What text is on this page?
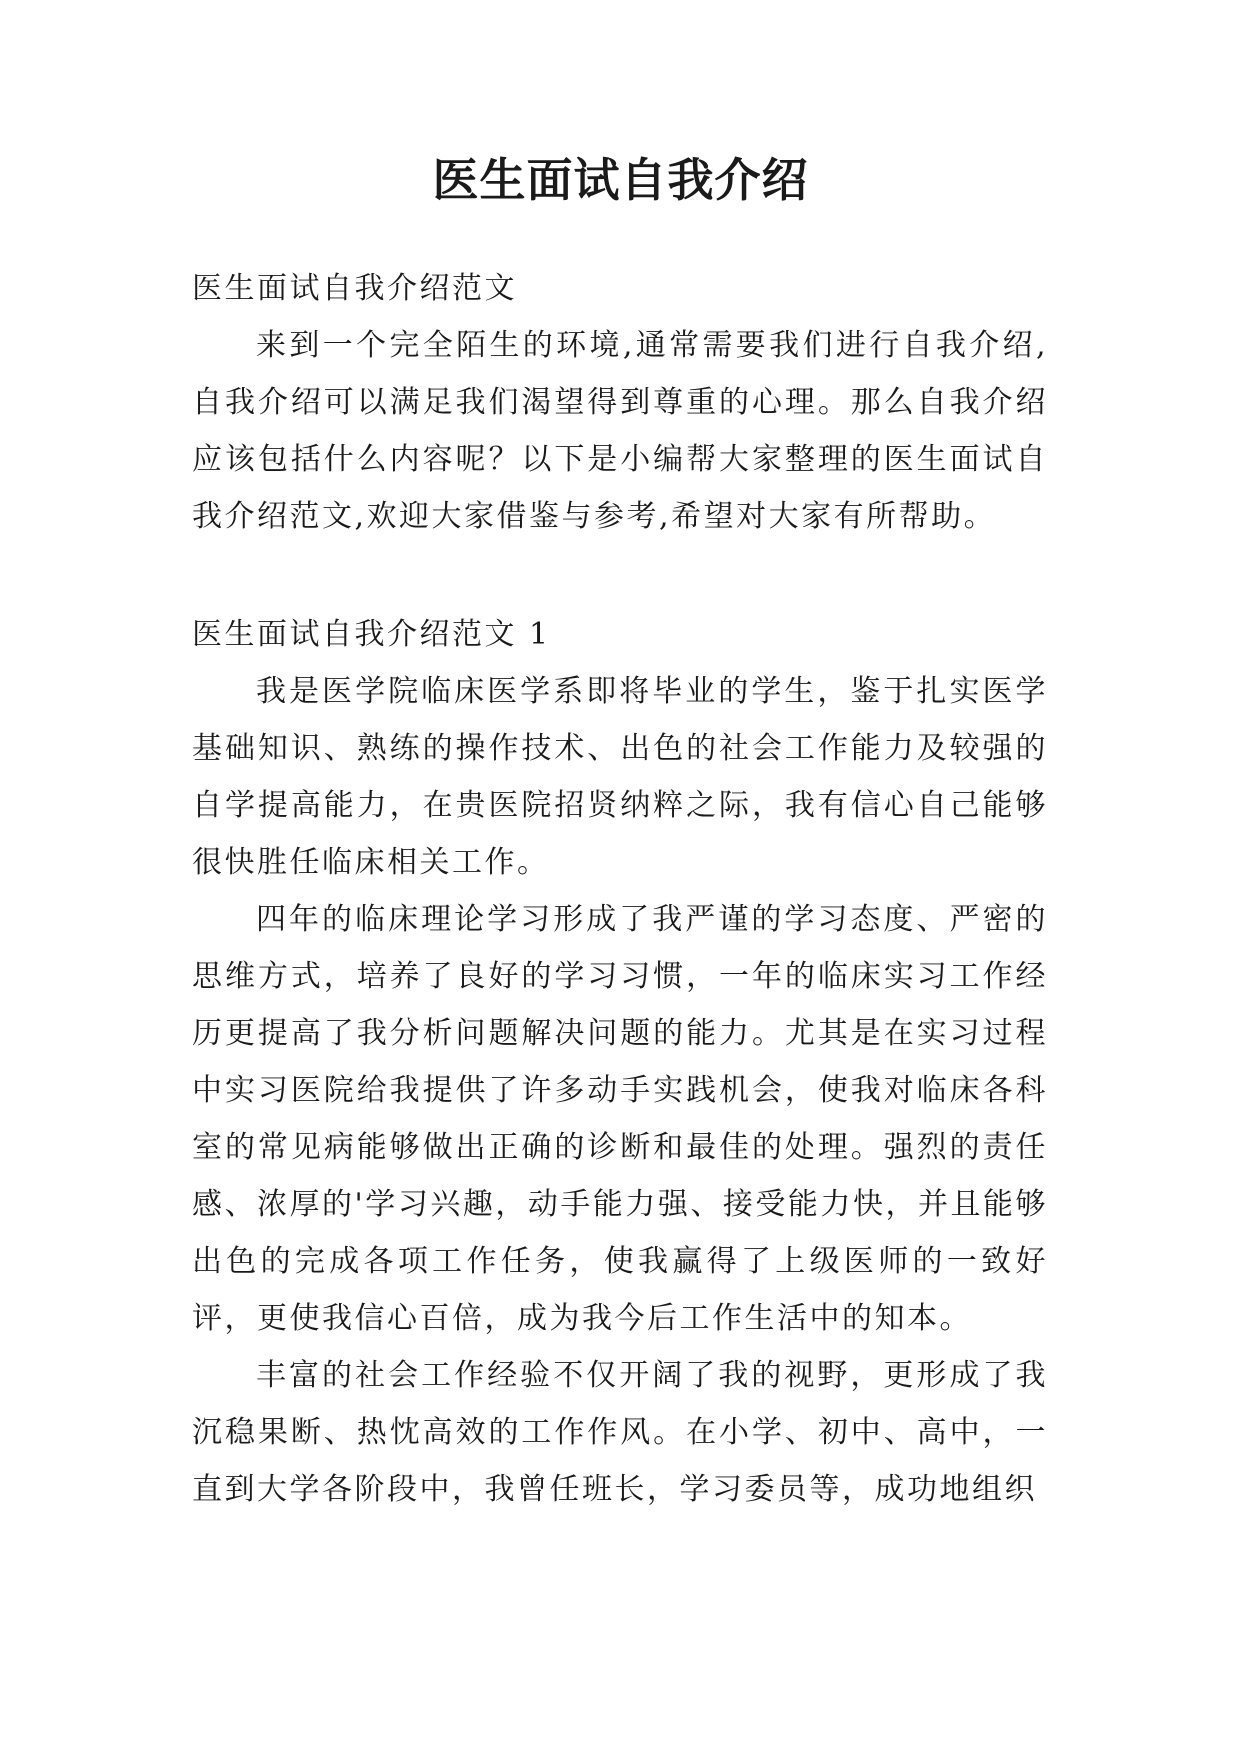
医生面试自我介绍

医生面试自我介绍范文

来到一个完全陌生的环境,通常需要我们进行自我介绍,自我介绍可以满足我们渴望得到尊重的心理。那么自我介绍应该包括什么内容呢？以下是小编帮大家整理的医生面试自我介绍范文,欢迎大家借鉴与参考,希望对大家有所帮助。

医生面试自我介绍范文 1

我是医学院临床医学系即将毕业的学生，鉴于扎实医学基础知识、熟练的操作技术、出色的社会工作能力及较强的自学提高能力，在贵医院招贤纳粹之际，我有信心自己能够很快胜任临床相关工作。

四年的临床理论学习形成了我严谨的学习态度、严密的思维方式，培养了良好的学习习惯，一年的临床实习工作经历更提高了我分析问题解决问题的能力。尤其是在实习过程中实习医院给我提供了许多动手实践机会，使我对临床各科室的常见病能够做出正确的诊断和最佳的处理。强烈的责任感、浓厚的'学习兴趣，动手能力强、接受能力快，并且能够出色的完成各项工作任务，使我赢得了上级医师的一致好评，更使我信心百倍，成为我今后工作生活中的知本。

丰富的社会工作经验不仅开阔了我的视野，更形成了我沉稳果断、热忱高效的工作作风。在小学、初中、高中，一直到大学各阶段中，我曾任班长，学习委员等，成功地组织
